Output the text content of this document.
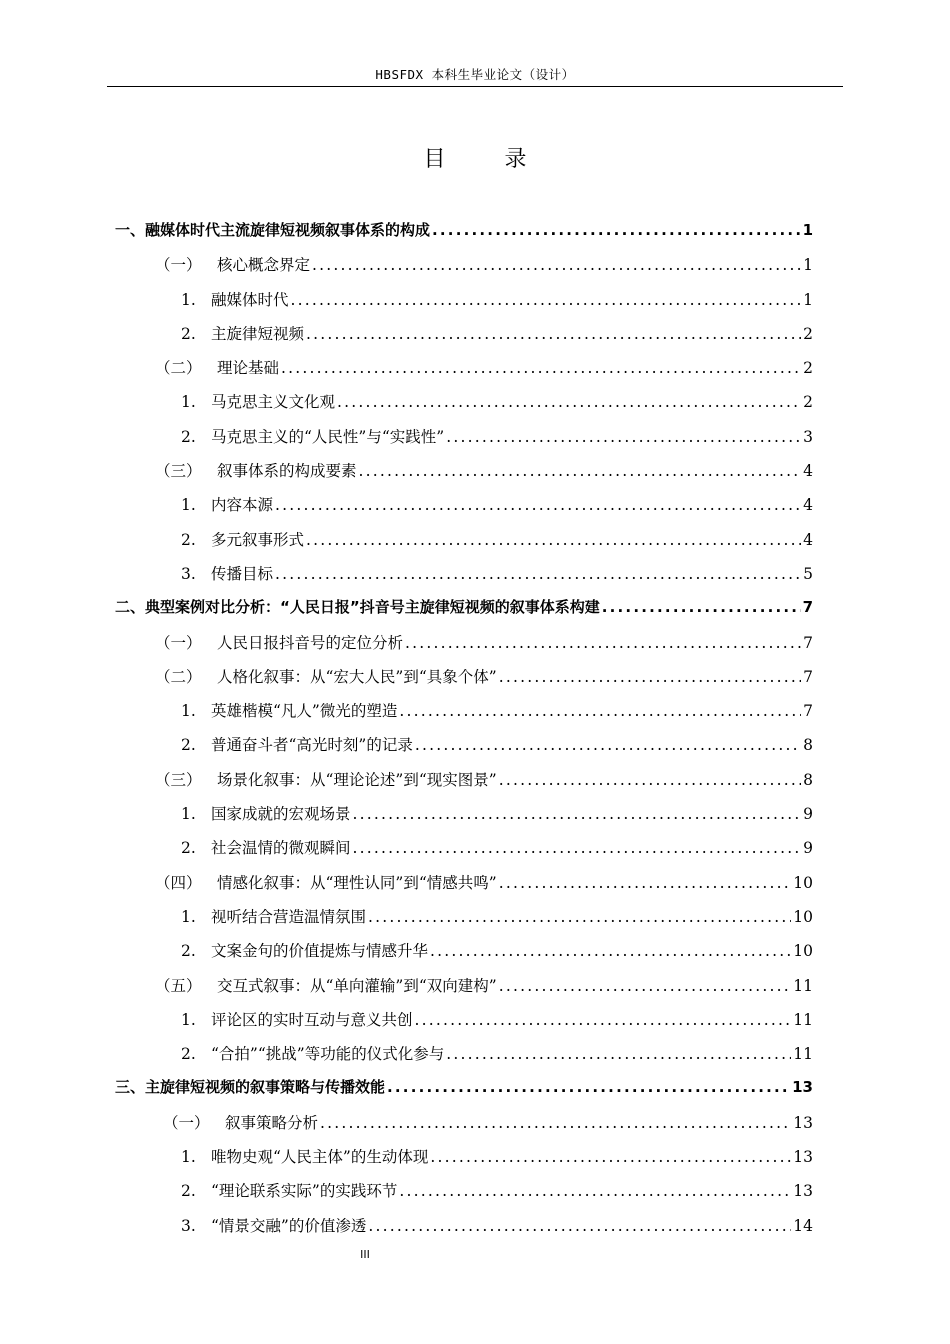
HBSFDX 本科生毕业论文（设计）
目 录
一、融媒体时代主流旋律短视频叙事体系的构成 .....	1
（一） 核心概念界定 .....	1
1. 融媒体时代 .....	1
2. 主旋律短视频 .....	2
（二） 理论基础 .....	2
1. 马克思主义文化观 .....	2
2. 马克思主义的“人民性”与“实践性” .....	3
（三） 叙事体系的构成要素 .....	4
1. 内容本源 .....	4
2. 多元叙事形式 .....	4
3. 传播目标 .....	5
二、典型案例对比分析：“人民日报”抖音号主旋律短视频的叙事体系构建 .....	7
（一） 人民日报抖音号的定位分析 .....	7
（二） 人格化叙事：从“宏大人民”到“具象个体” .....	7
1. 英雄楷模“凡人”微光的塑造 .....	7
2. 普通奋斗者“高光时刻”的记录 .....	8
（三） 场景化叙事：从“理论论述”到“现实图景” .....	8
1. 国家成就的宏观场景 .....	9
2. 社会温情的微观瞬间 .....	9
（四） 情感化叙事：从“理性认同”到“情感共鸣” .....	10
1. 视听结合营造温情氛围 .....	10
2. 文案金句的价值提炼与情感升华 .....	10
（五） 交互式叙事：从“单向灌输”到“双向建构” .....	11
1. 评论区的实时互动与意义共创 .....	11
2. “合拍”“挑战”等功能的仪式化参与 .....	11
三、主旋律短视频的叙事策略与传播效能 .....	13
（一） 叙事策略分析 .....	13
1. 唯物史观“人民主体”的生动体现 .....	13
2. “理论联系实际”的实践环节 .....	13
3. “情景交融”的价值渗透 .....	14
III
